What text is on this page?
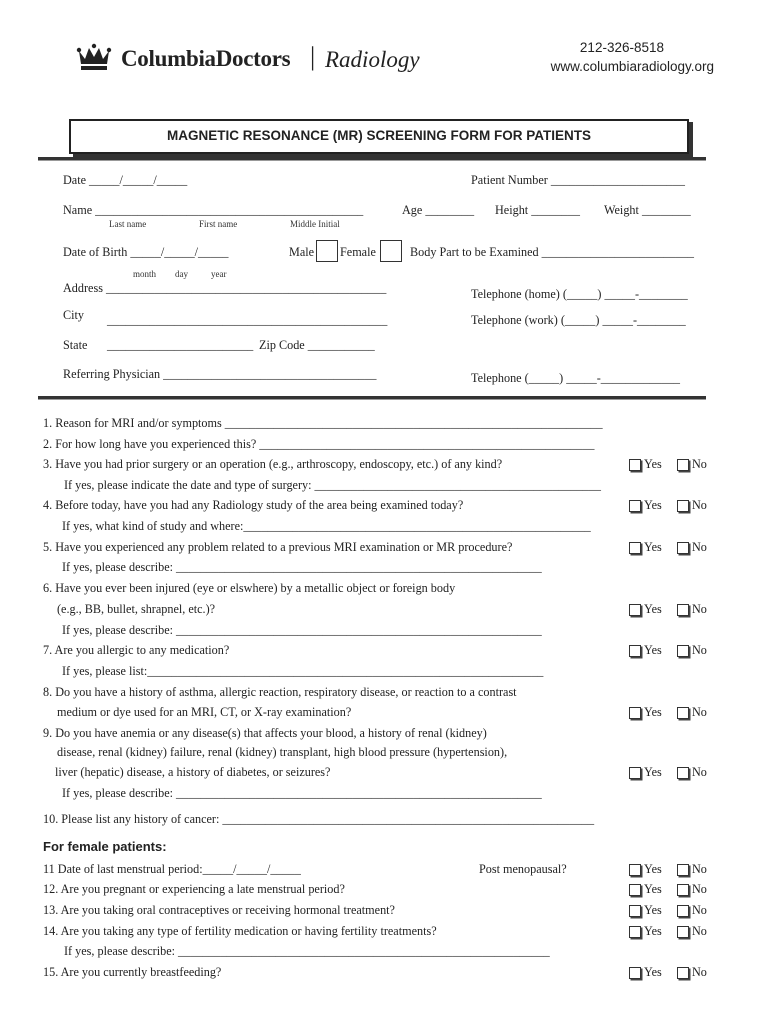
ColumbiaDoctors | Radiology	212-326-8518
www.columbiaradiology.org
MAGNETIC RESONANCE (MR) SCREENING FORM FOR PATIENTS
Date _____/_____/_____	Patient Number ______________________
Name ____________________________________________
Last name	First name	Middle Initial
Age ________ Height ________ Weight ________
Date of Birth _____/_____/_____
month day	year
Male Female	Body Part to be Examined _________________________
Address ______________________________________________	Telephone (home) (_____) _____-________
City ______________________________________________	Telephone (work) (_____) _____-________
State ________________________ Zip Code ___________
Referring Physician ___________________________________	Telephone (_____) _____-_____________
1. Reason for MRI and/or symptoms ______________________________________________________________
2. For how long have you experienced this? _______________________________________________________
3. Have you had prior surgery or an operation (e.g., arthroscopy, endoscopy, etc.) of any kind?	Yes No
If yes, please indicate the date and type of surgery: _______________________________________________
4. Before today, have you had any Radiology study of the area being examined today?	Yes No
If yes, what kind of study and where:_________________________________________________________
5. Have you experienced any problem related to a previous MRI examination or MR procedure?	Yes No
If yes, please describe: ____________________________________________________________
6. Have you ever been injured (eye or elswhere) by a metallic object or foreign body
(e.g., BB, bullet, shrapnel, etc.)?	Yes No
If yes, please describe: ____________________________________________________________
7. Are you allergic to any medication?	Yes No
If yes, please list:_________________________________________________________________
8. Do you have a history of asthma, allergic reaction, respiratory disease, or reaction to a contrast
medium or dye used for an MRI, CT, or X-ray examination?	Yes No
9. Do you have anemia or any disease(s) that affects your blood, a history of renal (kidney)
disease, renal (kidney) failure, renal (kidney) transplant, high blood pressure (hypertension),
liver (hepatic) disease, a history of diabetes, or seizures?	Yes No
If yes, please describe: ____________________________________________________________
10. Please list any history of cancer: _____________________________________________________________
For female patients:
11 Date of last menstrual period:_____/_____/_____	Post menopausal?	Yes No
12. Are you pregnant or experiencing a late menstrual period?	Yes No
13. Are you taking oral contraceptives or receiving hormonal treatment?	Yes No
14. Are you taking any type of fertility medication or having fertility treatments?	Yes No
If yes, please describe: _____________________________________________________________
15. Are you currently breastfeeding?	Yes No
